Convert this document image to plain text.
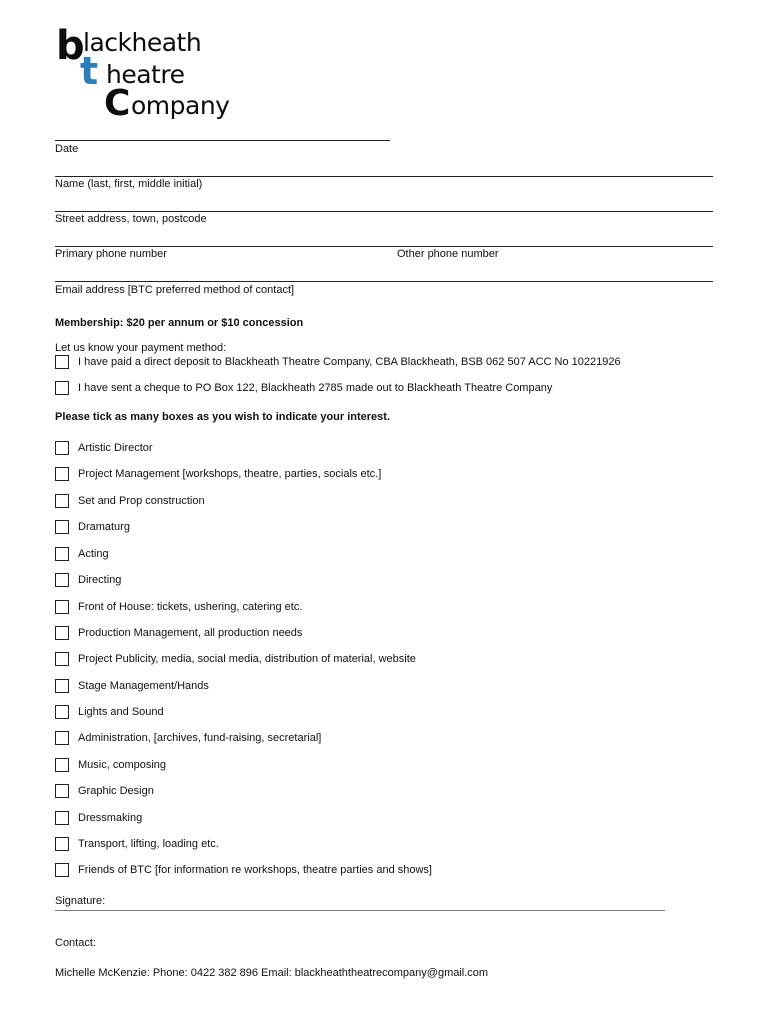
b
lackheath
t heatre
C ompany
Date
Name (last, first, middle initial)
Street address, town, postcode
Primary phone number	Other phone number
Email address [BTC preferred method of contact]
Membership: $20 per annum or $10 concession
Let us know your payment method:
I have paid a direct deposit to Blackheath Theatre Company, CBA Blackheath, BSB 062 507 ACC No 10221926
I have sent a cheque to PO Box 122, Blackheath 2785 made out to Blackheath Theatre Company
Please tick as many boxes as you wish to indicate your interest.
Artistic Director
Project Management [workshops, theatre, parties, socials etc.]
Set and Prop construction
Dramaturg
Acting
Directing
Front of House: tickets, ushering, catering etc.
Production Management, all production needs
Project Publicity, media, social media, distribution of material, website
Stage Management/Hands
Lights and Sound
Administration, [archives, fund-raising, secretarial]
Music, composing
Graphic Design
Dressmaking
Transport, lifting, loading etc.
Friends of BTC [for information re workshops, theatre parties and shows]
Signature:
Contact:
Michelle McKenzie: Phone: 0422 382 896 Email: blackheaththeatrecompany@gmail.com
